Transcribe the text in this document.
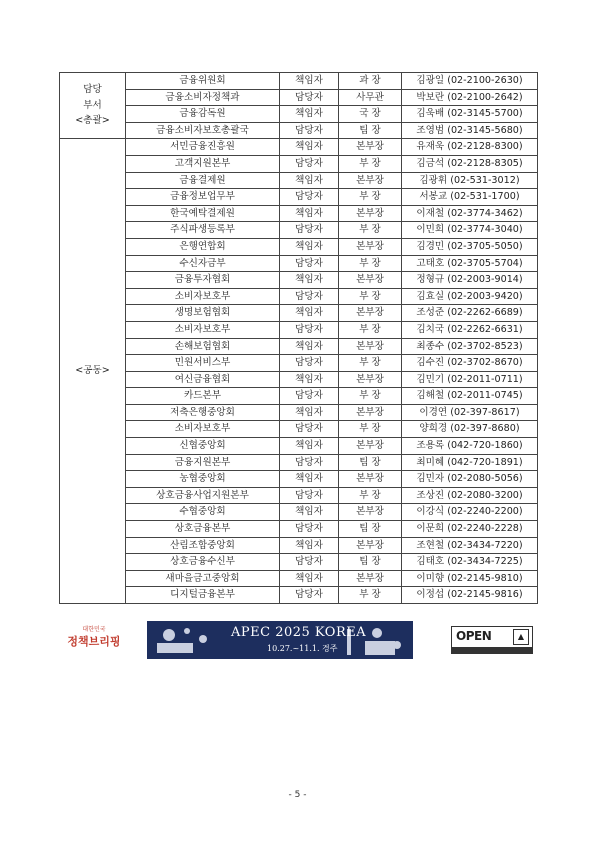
담당
부서
<총괄>	금융위원회	책임자	과 장	김광일 (02-2100-2630)
	금융소비자정책과	담당자	사무관	박보란 (02-2100-2642)
	금융감독원	책임자	국 장	김욱배 (02-3145-5700)
	금융소비자보호총괄국	담당자	팀 장	조영범 (02-3145-5680)

<공동>	서민금융진흥원	책임자	본부장	유재욱 (02-2128-8300)
	고객지원본부	담당자	부 장	김금석 (02-2128-8305)
	금융결제원	책임자	본부장	김광휘 (02-531-3012)
	금융정보업무부	담당자	부 장	서봉교 (02-531-1700)
	한국예탁결제원	책임자	본부장	이재철 (02-3774-3462)
	주식파생등록부	담당자	부 장	이민희 (02-3774-3040)
	은행연합회	책임자	본부장	김경민 (02-3705-5050)
	수신자금부	담당자	부 장	고태호 (02-3705-5704)
	금융투자협회	책임자	본부장	정형규 (02-2003-9014)
	소비자보호부	담당자	부 장	김효실 (02-2003-9420)
	생명보험협회	책임자	본부장	조성준 (02-2262-6689)
	소비자보호부	담당자	부 장	김치국 (02-2262-6631)
	손해보험협회	책임자	본부장	최종수 (02-3702-8523)
	민원서비스부	담당자	부 장	김수진 (02-3702-8670)
	여신금융협회	책임자	본부장	김민기 (02-2011-0711)
	카드본부	담당자	부 장	김해철 (02-2011-0745)
	저축은행중앙회	책임자	본부장	이경연 (02-397-8617)
	소비자보호부	담당자	부 장	양희경 (02-397-8680)
	신협중앙회	책임자	본부장	조용록 (042-720-1860)
	금융지원본부	담당자	팀 장	최미혜 (042-720-1891)
	농협중앙회	책임자	본부장	김민자 (02-2080-5056)
	상호금융사업지원본부	담당자	부 장	조상진 (02-2080-3200)
	수협중앙회	책임자	본부장	이강식 (02-2240-2200)
	상호금융본부	담당자	팀 장	이문희 (02-2240-2228)
	산림조합중앙회	책임자	본부장	조현철 (02-3434-7220)
	상호금융수신부	담당자	팀 장	김태호 (02-3434-7225)
	새마을금고중앙회	책임자	본부장	이미향 (02-2145-9810)
	디지털금융본부	담당자	부 장	이정섭 (02-2145-9816)
대한민국
정책브리핑
APEC 2025 KOREA
10.27.~11.1. 경주
OPEN	▲
- 5 -
